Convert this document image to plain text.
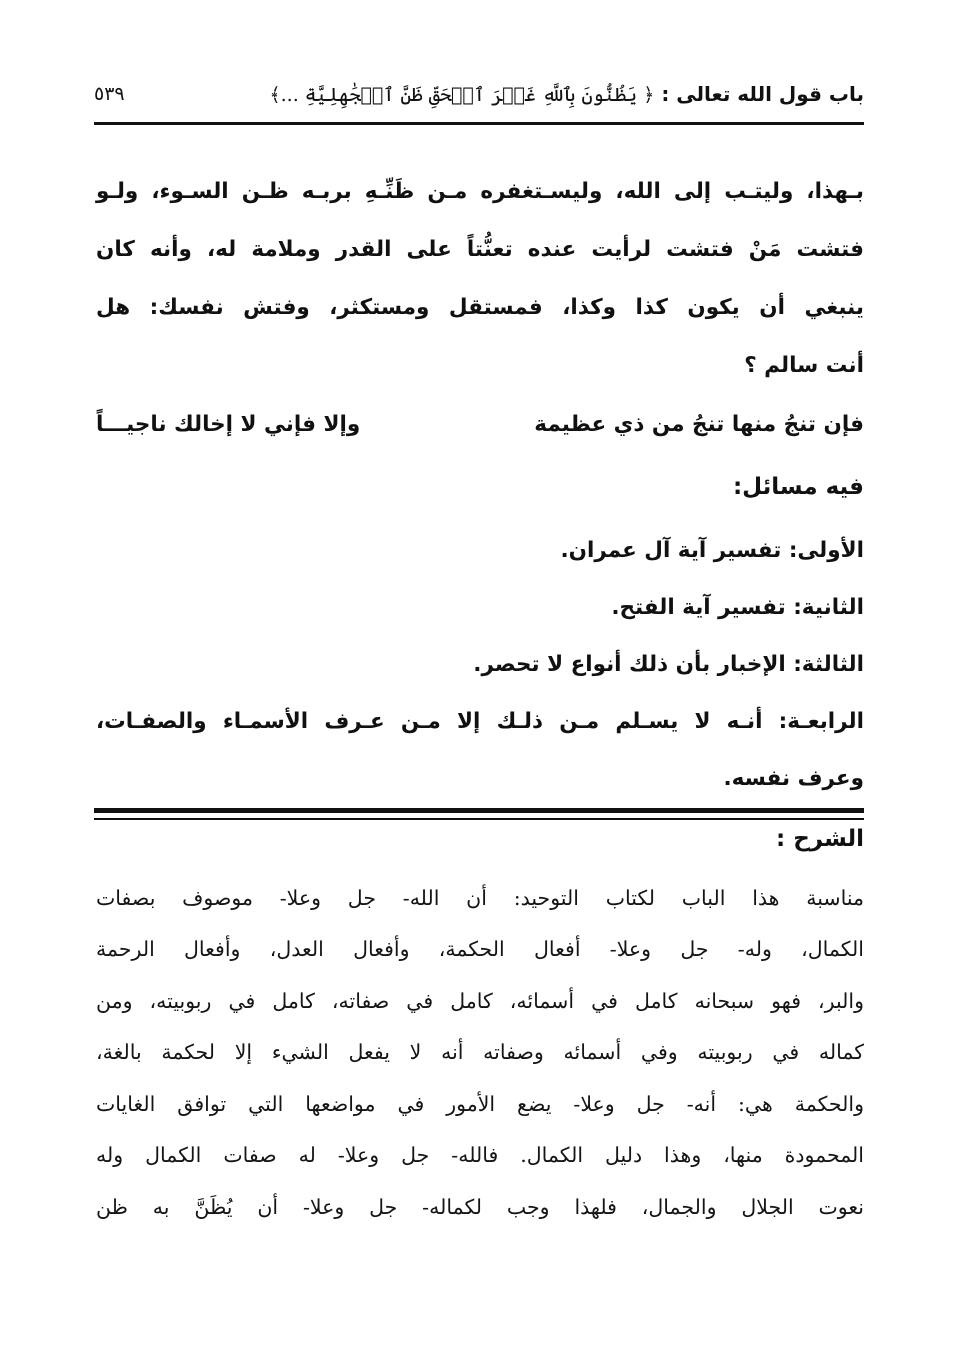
باب قول الله تعالى : ﴿ يَظُنُّونَ بِٱللَّهِ غَيۡرَ ٱلۡحَقِّ ظَنَّ ٱلۡجَٰهِلِيَّةِ ...﴾
٥٣٩
بـهذا، وليتـب إلى الله، وليسـتغفره مـن ظَنِّـهِ بربـه ظـن السـوء، ولـو
فتشت مَنْ فتشت لرأيت عنده تعنُّتاً على القدر وملامة له، وأنه كان
ينبغي أن يكون كذا وكذا، فمستقل ومستكثر، وفتش نفسك: هل
أنت سالم ؟
فإن تنجُ منها تنجُ من ذي عظيمة
وإلا فإني لا إخالك ناجيـــاً
فيه مسائل:
الأولى: تفسير آية آل عمران.
الثانية: تفسير آية الفتح.
الثالثة: الإخبار بأن ذلك أنواع لا تحصر.
الرابعـة: أنـه لا يسـلم مـن ذلـك إلا مـن عـرف الأسمـاء والصفـات،
وعرف نفسه.
الشرح :
مناسبة هذا الباب لكتاب التوحيد: أن الله- جل وعلا- موصوف بصفات
الكمال، وله- جل وعلا- أفعال الحكمة، وأفعال العدل، وأفعال الرحمة
والبر، فهو سبحانه كامل في أسمائه، كامل في صفاته، كامل في ربوبيته، ومن
كماله في ربوبيته وفي أسمائه وصفاته أنه لا يفعل الشيء إلا لحكمة بالغة،
والحكمة هي: أنه- جل وعلا- يضع الأمور في مواضعها التي توافق الغايات
المحمودة منها، وهذا دليل الكمال. فالله- جل وعلا- له صفات الكمال وله
نعوت الجلال والجمال، فلهذا وجب لكماله- جل وعلا- أن يُظَنَّ به ظن
